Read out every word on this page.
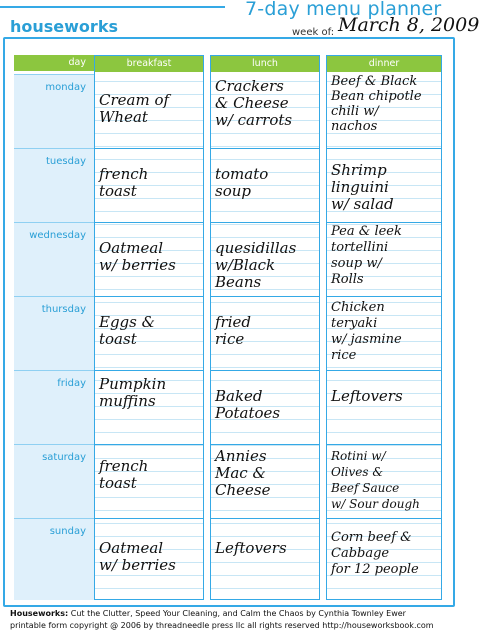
7-day menu planner
houseworks	week of: March 8, 2009
day
monday
tuesday
wednesday
thursday
friday
saturday
sunday
breakfast
Cream of
Wheat
french
toast
Oatmeal
w/ berries
Eggs &
toast
Pumpkin
muffins
french
toast
Oatmeal
w/ berries
lunch
Crackers
& Cheese
w/ carrots
tomato
soup
quesidillas
w/Black
Beans
fried
rice
Baked
Potatoes
Annies
Mac &
Cheese
Leftovers
dinner
Beef & Black
Bean chipotle
chili w/
nachos
Shrimp
linguini
w/ salad
Pea & leek
tortellini
soup w/
Rolls
Chicken
teryaki
w/ jasmine
rice
Leftovers
Rotini w/
Olives &
Beef Sauce
w/ Sour dough
Corn beef &
Cabbage
for 12 people
Houseworks: Cut the Clutter, Speed Your Cleaning, and Calm the Chaos by Cynthia Townley Ewer
printable form copyright @ 2006 by threadneedle press llc all rights reserved http://houseworksbook.com
